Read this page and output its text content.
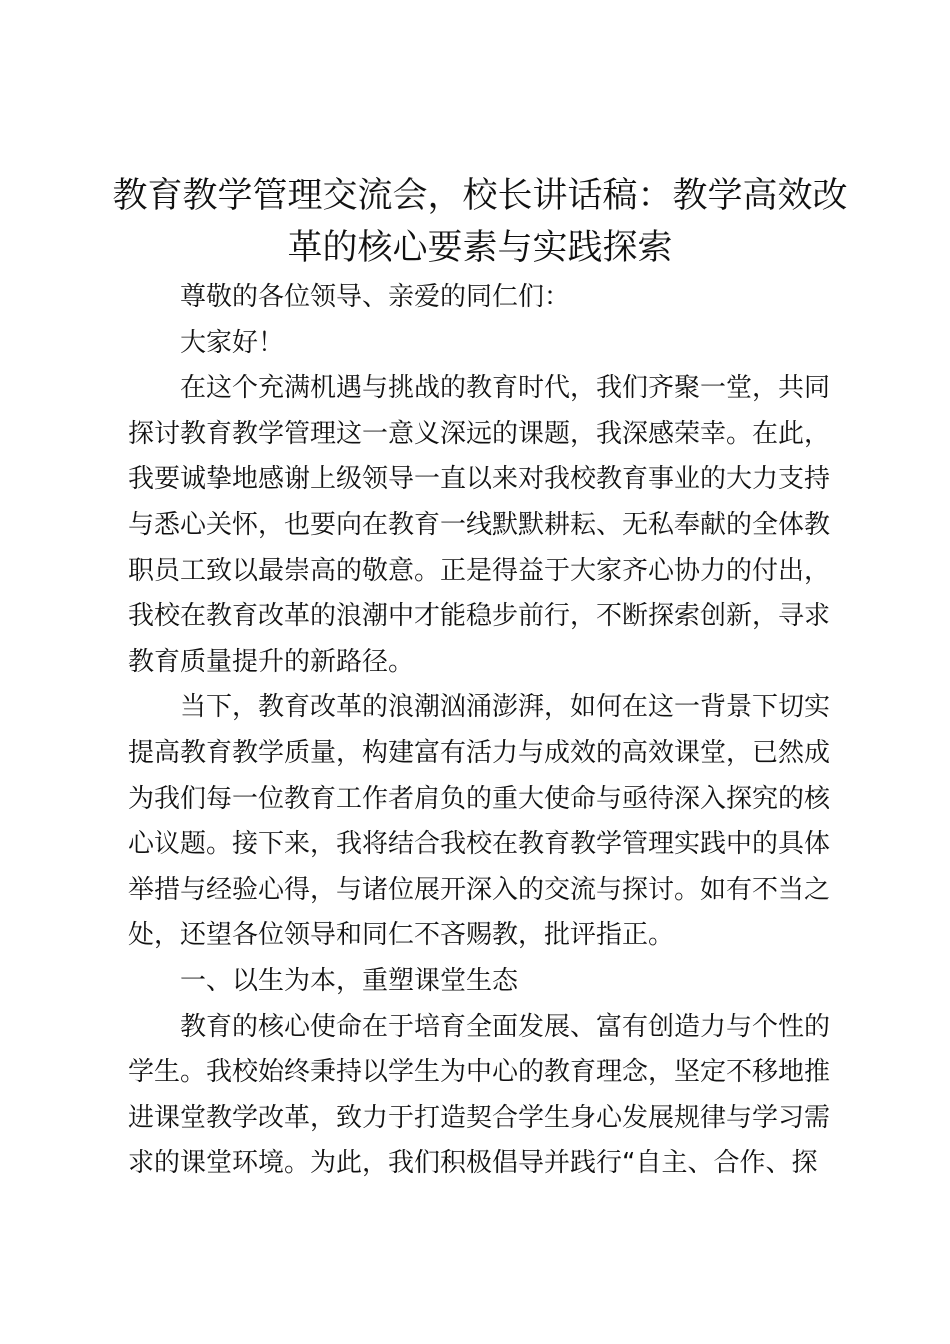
教育教学管理交流会，校长讲话稿：教学高效改革的核心要素与实践探索

尊敬的各位领导、亲爱的同仁们：

大家好！

在这个充满机遇与挑战的教育时代，我们齐聚一堂，共同探讨教育教学管理这一意义深远的课题，我深感荣幸。在此，我要诚挚地感谢上级领导一直以来对我校教育事业的大力支持与悉心关怀，也要向在教育一线默默耕耘、无私奉献的全体教职员工致以最崇高的敬意。正是得益于大家齐心协力的付出，我校在教育改革的浪潮中才能稳步前行，不断探索创新，寻求教育质量提升的新路径。

当下，教育改革的浪潮汹涌澎湃，如何在这一背景下切实提高教育教学质量，构建富有活力与成效的高效课堂，已然成为我们每一位教育工作者肩负的重大使命与亟待深入探究的核心议题。接下来，我将结合我校在教育教学管理实践中的具体举措与经验心得，与诸位展开深入的交流与探讨。如有不当之处，还望各位领导和同仁不吝赐教，批评指正。

一、以生为本，重塑课堂生态

教育的核心使命在于培育全面发展、富有创造力与个性的学生。我校始终秉持以学生为中心的教育理念，坚定不移地推进课堂教学改革，致力于打造契合学生身心发展规律与学习需求的课堂环境。为此，我们积极倡导并践行“自主、合作、探
